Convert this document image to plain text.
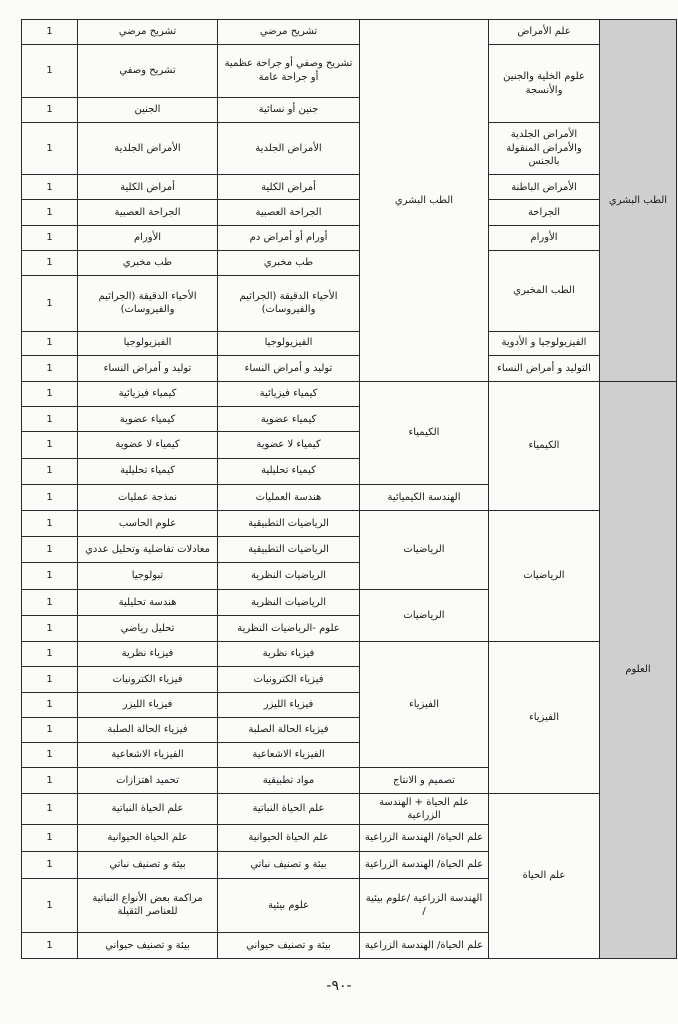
الطب البشري	علم الأمراض	الطب البشري	تشريح مرضي	تشريح مرضي	1
	علوم الخلية والجنين والأنسجة		تشريح وصفي أو جراحة عظمية أو جراحة عامة	تشريح وصفي	1
			جنين أو نسائية	الجنين	1
	الأمراض الجلدية والأمراض المنقولة بالجنس		الأمراض الجلدية	الأمراض الجلدية	1
	الأمراض الباطنة		أمراض الكلية	أمراض الكلية	1
	الجراحة		الجراحة العصبية	الجراحة العصبية	1
	الأورام		أورام أو أمراض دم	الأورام	1
	الطب المخبري		طب مخبري	طب مخبري	1
			الأحياء الدقيقة (الجراثيم والفيروسات)	الأحياء الدقيقة (الجراثيم والفيروسات)	1
	الفيزيولوجيا و الأدوية		الفيزيولوجيا	الفيزيولوجيا	1
	التوليد و أمراض النساء		توليد و أمراض النساء	توليد و أمراض النساء	1
العلوم	الكيمياء	الكيمياء	كيمياء فيزيائية	كيمياء فيزيائية	1
			كيمياء عضوية	كيمياء عضوية	1
			كيمياء لا عضوية	كيمياء لا عضوية	1
			كيمياء تحليلية	كيمياء تحليلية	1
		الهندسة الكيميائية	هندسة العمليات	نمذجة عمليات	1
	الرياضيات	الرياضيات	الرياضيات التطبيقية	علوم الحاسب	1
			الرياضيات التطبيقية	معادلات تفاضلية وتحليل عددي	1
			الرياضيات النظرية	تبولوجيا	1
		الرياضيات	الرياضيات النظرية	هندسة تحليلية	1
			علوم -الرياضيات النظرية	تحليل رياضي	1
	الفيزياء	الفيزياء	فيزياء نظرية	فيزياء نظرية	1
			فيزياء الكترونيات	فيزياء الكترونيات	1
			فيزياء الليزر	فيزياء الليزر	1
			فيزياء الحالة الصلبة	فيزياء الحالة الصلبة	1
			الفيزياء الاشعاعية	الفيزياء الاشعاعية	1
		تصميم و الانتاج	مواد تطبيقية	تحميد اهتزازات	1
	علم الحياة	علم الحياة + الهندسة الزراعية	علم الحياة النباتية	علم الحياة النباتية	1
		علم الحياة/ الهندسة الزراعية	علم الحياة الحيوانية	علم الحياة الحيوانية	1
		علم الحياة/ الهندسة الزراعية	بيئة و تصنيف نباتي	بيئة و تصنيف نباتي	1
		الهندسة الزراعية /علوم بيئية /	علوم بيئية	مراكمة بعض الأنواع النباتية للعناصر الثقيلة	1
		علم الحياة/ الهندسة الزراعية	بيئة و تصنيف حيواني	بيئة و تصنيف حيواني	1
-٩٠-
